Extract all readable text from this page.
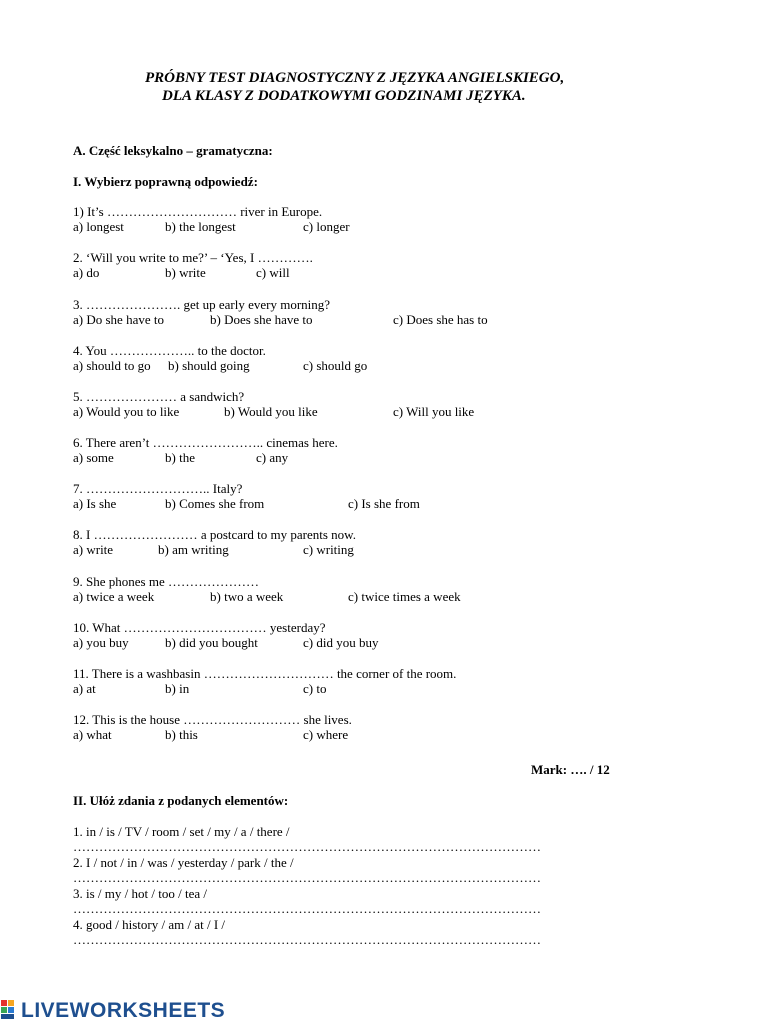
PRÓBNY TEST DIAGNOSTYCZNY Z JĘZYKA ANGIELSKIEGO,
DLA KLASY Z DODATKOWYMI GODZINAMI JĘZYKA.
A. Część leksykalno – gramatyczna:
I. Wybierz poprawną odpowiedź:
1) It’s ………………………… river in Europe.
a) longest	b) the longest	c) longer
2. ‘Will you write to me?’ – ‘Yes, I ………….
a) do	b) write	c) will
3. …………………. get up early every morning?
a) Do she have to	b) Does she have to	c) Does she has to
4. You ……………….. to the doctor.
a) should to go b) should going	c) should go
5. ………………… a sandwich?
a) Would you to like	b) Would you like	c) Will you like
6. There aren’t …………………….. cinemas here.
a) some	b) the	c) any
7. ……………………….. Italy?
a) Is she	b) Comes she from	c) Is she from
8. I …………………… a postcard to my parents now.
a) write	b) am writing	c) writing
9. She phones me …………………
a) twice a week	b) two a week	c) twice times a week
10. What …………………………… yesterday?
a) you buy	b) did you bought	c) did you buy
11. There is a washbasin ………………………… the corner of the room.
a) at	b) in	c) to
12. This is the house ……………………… she lives.
a) what	b) this	c) where
Mark: …. / 12
II. Ułóż zdania z podanych elementów:
1. in / is / TV / room / set / my / a / there /
………………………………………………………………………………………………
2. I / not / in / was / yesterday / park / the /
………………………………………………………………………………………………
3. is / my / hot / too / tea /
………………………………………………………………………………………………
4. good / history / am / at / I /
………………………………………………………………………………………………
LIVEWORKSHEETS
